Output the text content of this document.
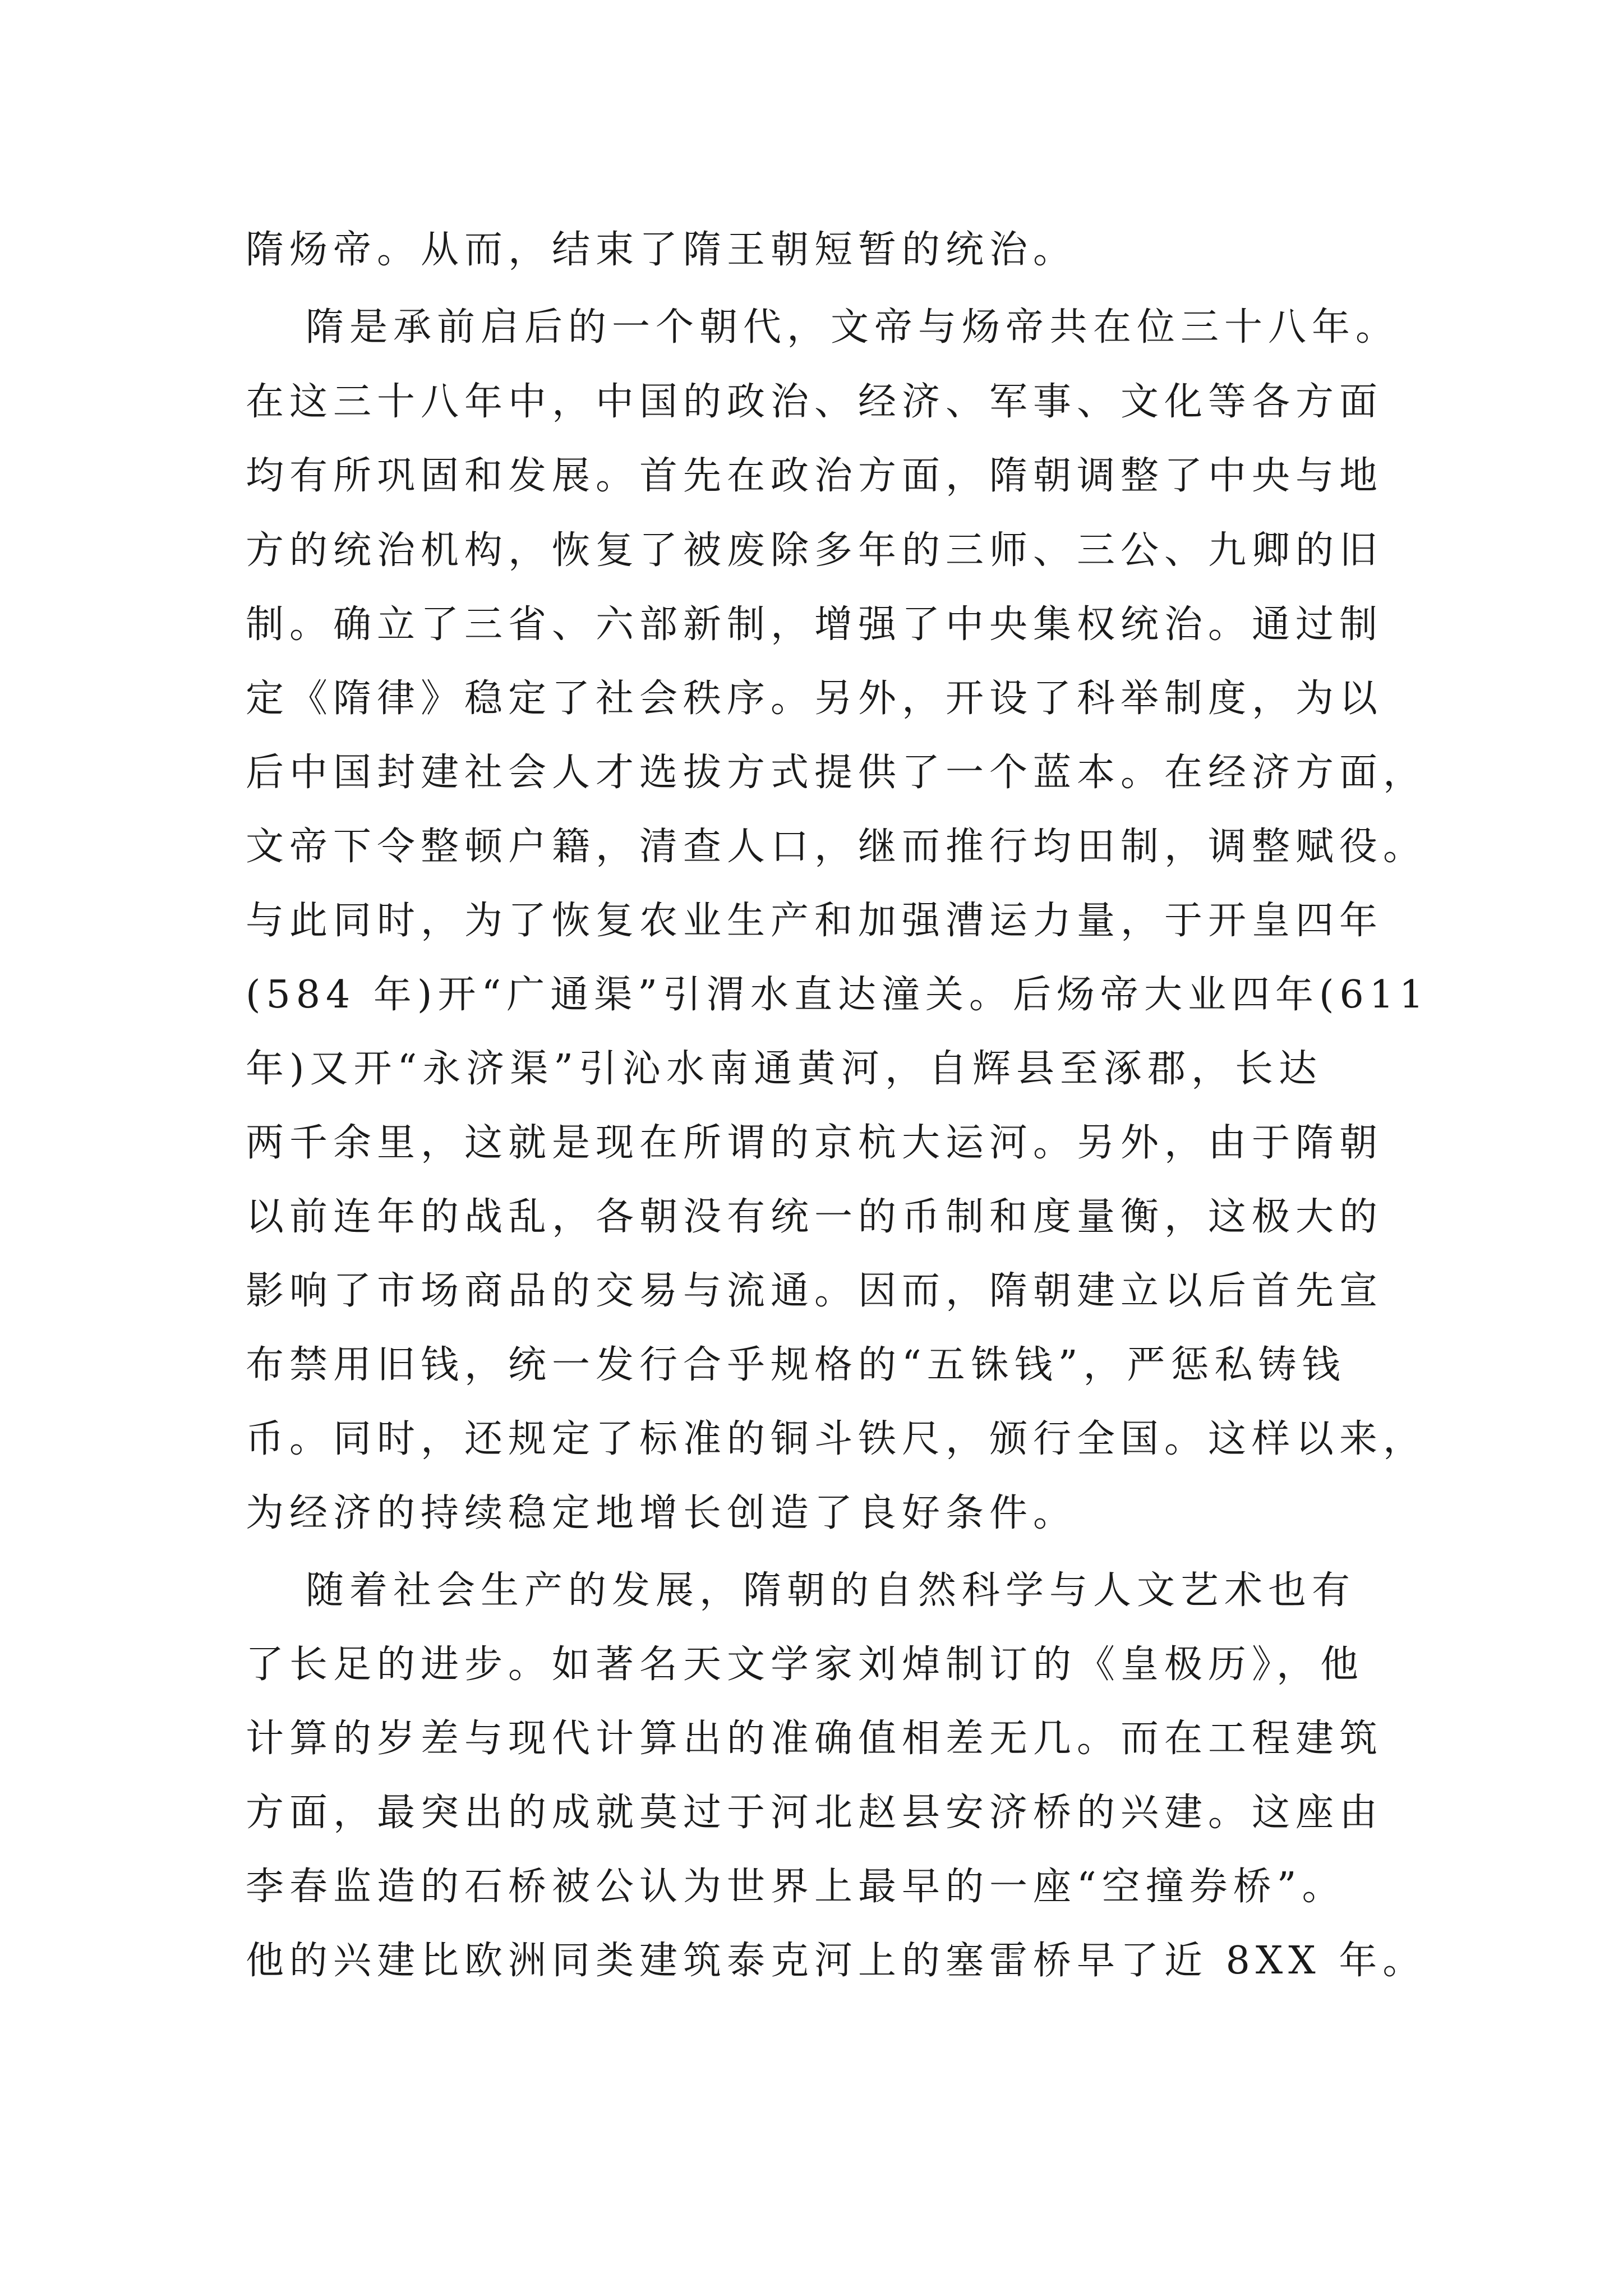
隋炀帝。从而，结束了隋王朝短暂的统治。
隋是承前启后的一个朝代，文帝与炀帝共在位三十八年。
在这三十八年中，中国的政治、经济、军事、文化等各方面
均有所巩固和发展。首先在政治方面，隋朝调整了中央与地
方的统治机构，恢复了被废除多年的三师、三公、九卿的旧
制。确立了三省、六部新制，增强了中央集权统治。通过制
定《隋律》稳定了社会秩序。另外，开设了科举制度，为以
后中国封建社会人才选拔方式提供了一个蓝本。在经济方面，
文帝下令整顿户籍，清查人口，继而推行均田制，调整赋役。
与此同时，为了恢复农业生产和加强漕运力量，于开皇四年
(584 年)开“广通渠”引渭水直达潼关。后炀帝大业四年(611
年)又开“永济渠”引沁水南通黄河，自辉县至涿郡，长达
两千余里，这就是现在所谓的京杭大运河。另外，由于隋朝
以前连年的战乱，各朝没有统一的币制和度量衡，这极大的
影响了市场商品的交易与流通。因而，隋朝建立以后首先宣
布禁用旧钱，统一发行合乎规格的“五铢钱”，严惩私铸钱
币。同时，还规定了标准的铜斗铁尺，颁行全国。这样以来，
为经济的持续稳定地增长创造了良好条件。
随着社会生产的发展，隋朝的自然科学与人文艺术也有
了长足的进步。如著名天文学家刘焯制订的《皇极历》，他
计算的岁差与现代计算出的准确值相差无几。而在工程建筑
方面，最突出的成就莫过于河北赵县安济桥的兴建。这座由
李春监造的石桥被公认为世界上最早的一座“空撞券桥”。
他的兴建比欧洲同类建筑泰克河上的塞雷桥早了近 8XX 年。
